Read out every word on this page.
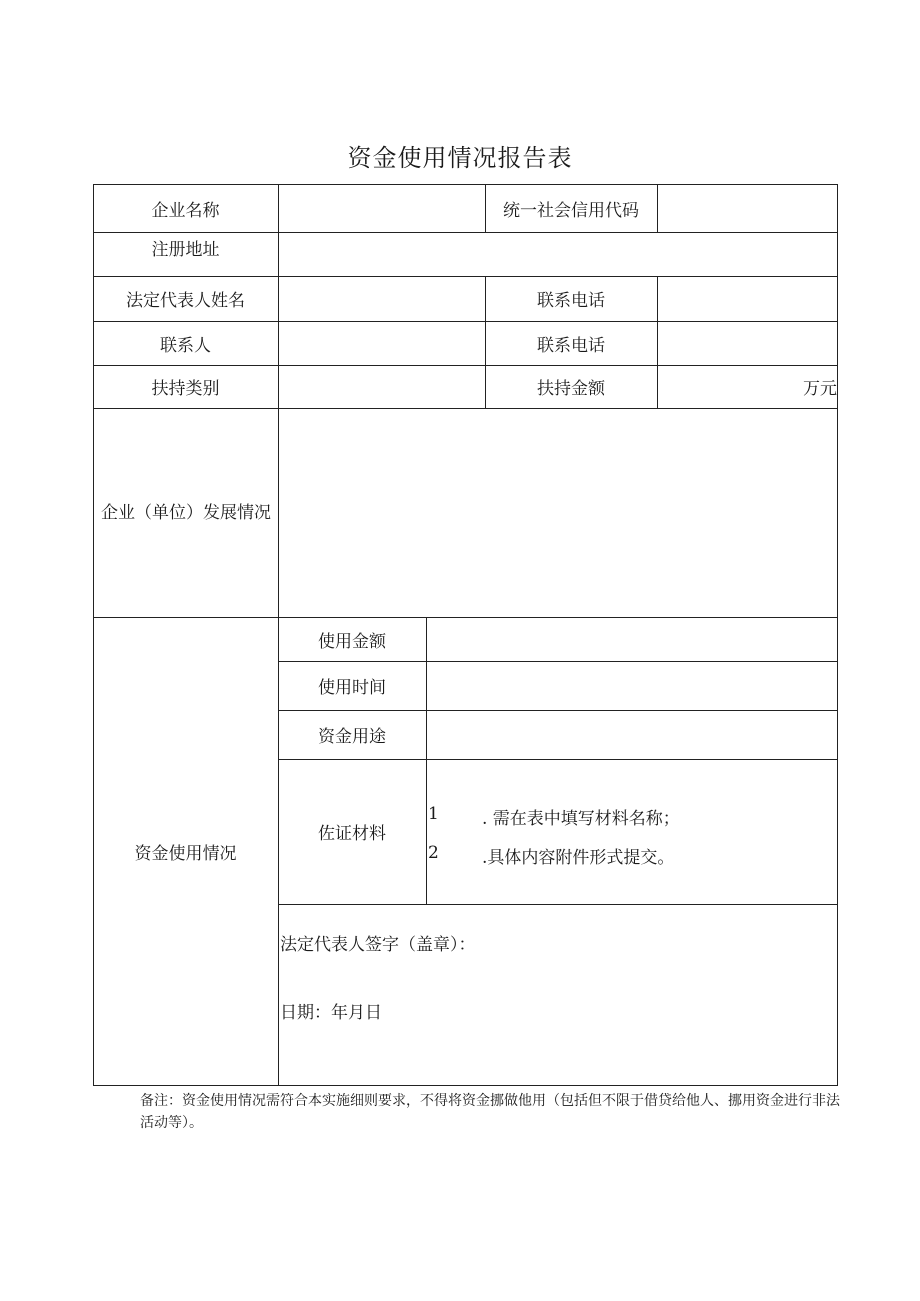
资金使用情况报告表
企业名称	统一社会信用代码
注册地址
法定代表人姓名	联系电话
联系人	联系电话
扶持类别	扶持金额	万元
企业（单位）发展情况
资金使用情况
使用金额
使用时间
资金用途
佐证材料
1	. 需在表中填写材料名称；
2	.具体内容附件形式提交。
法定代表人签字（盖章）：
日期：年月日
备注：资金使用情况需符合本实施细则要求，不得将资金挪做他用（包括但不限于借贷给他人、挪用资金进行非法活动等）。
